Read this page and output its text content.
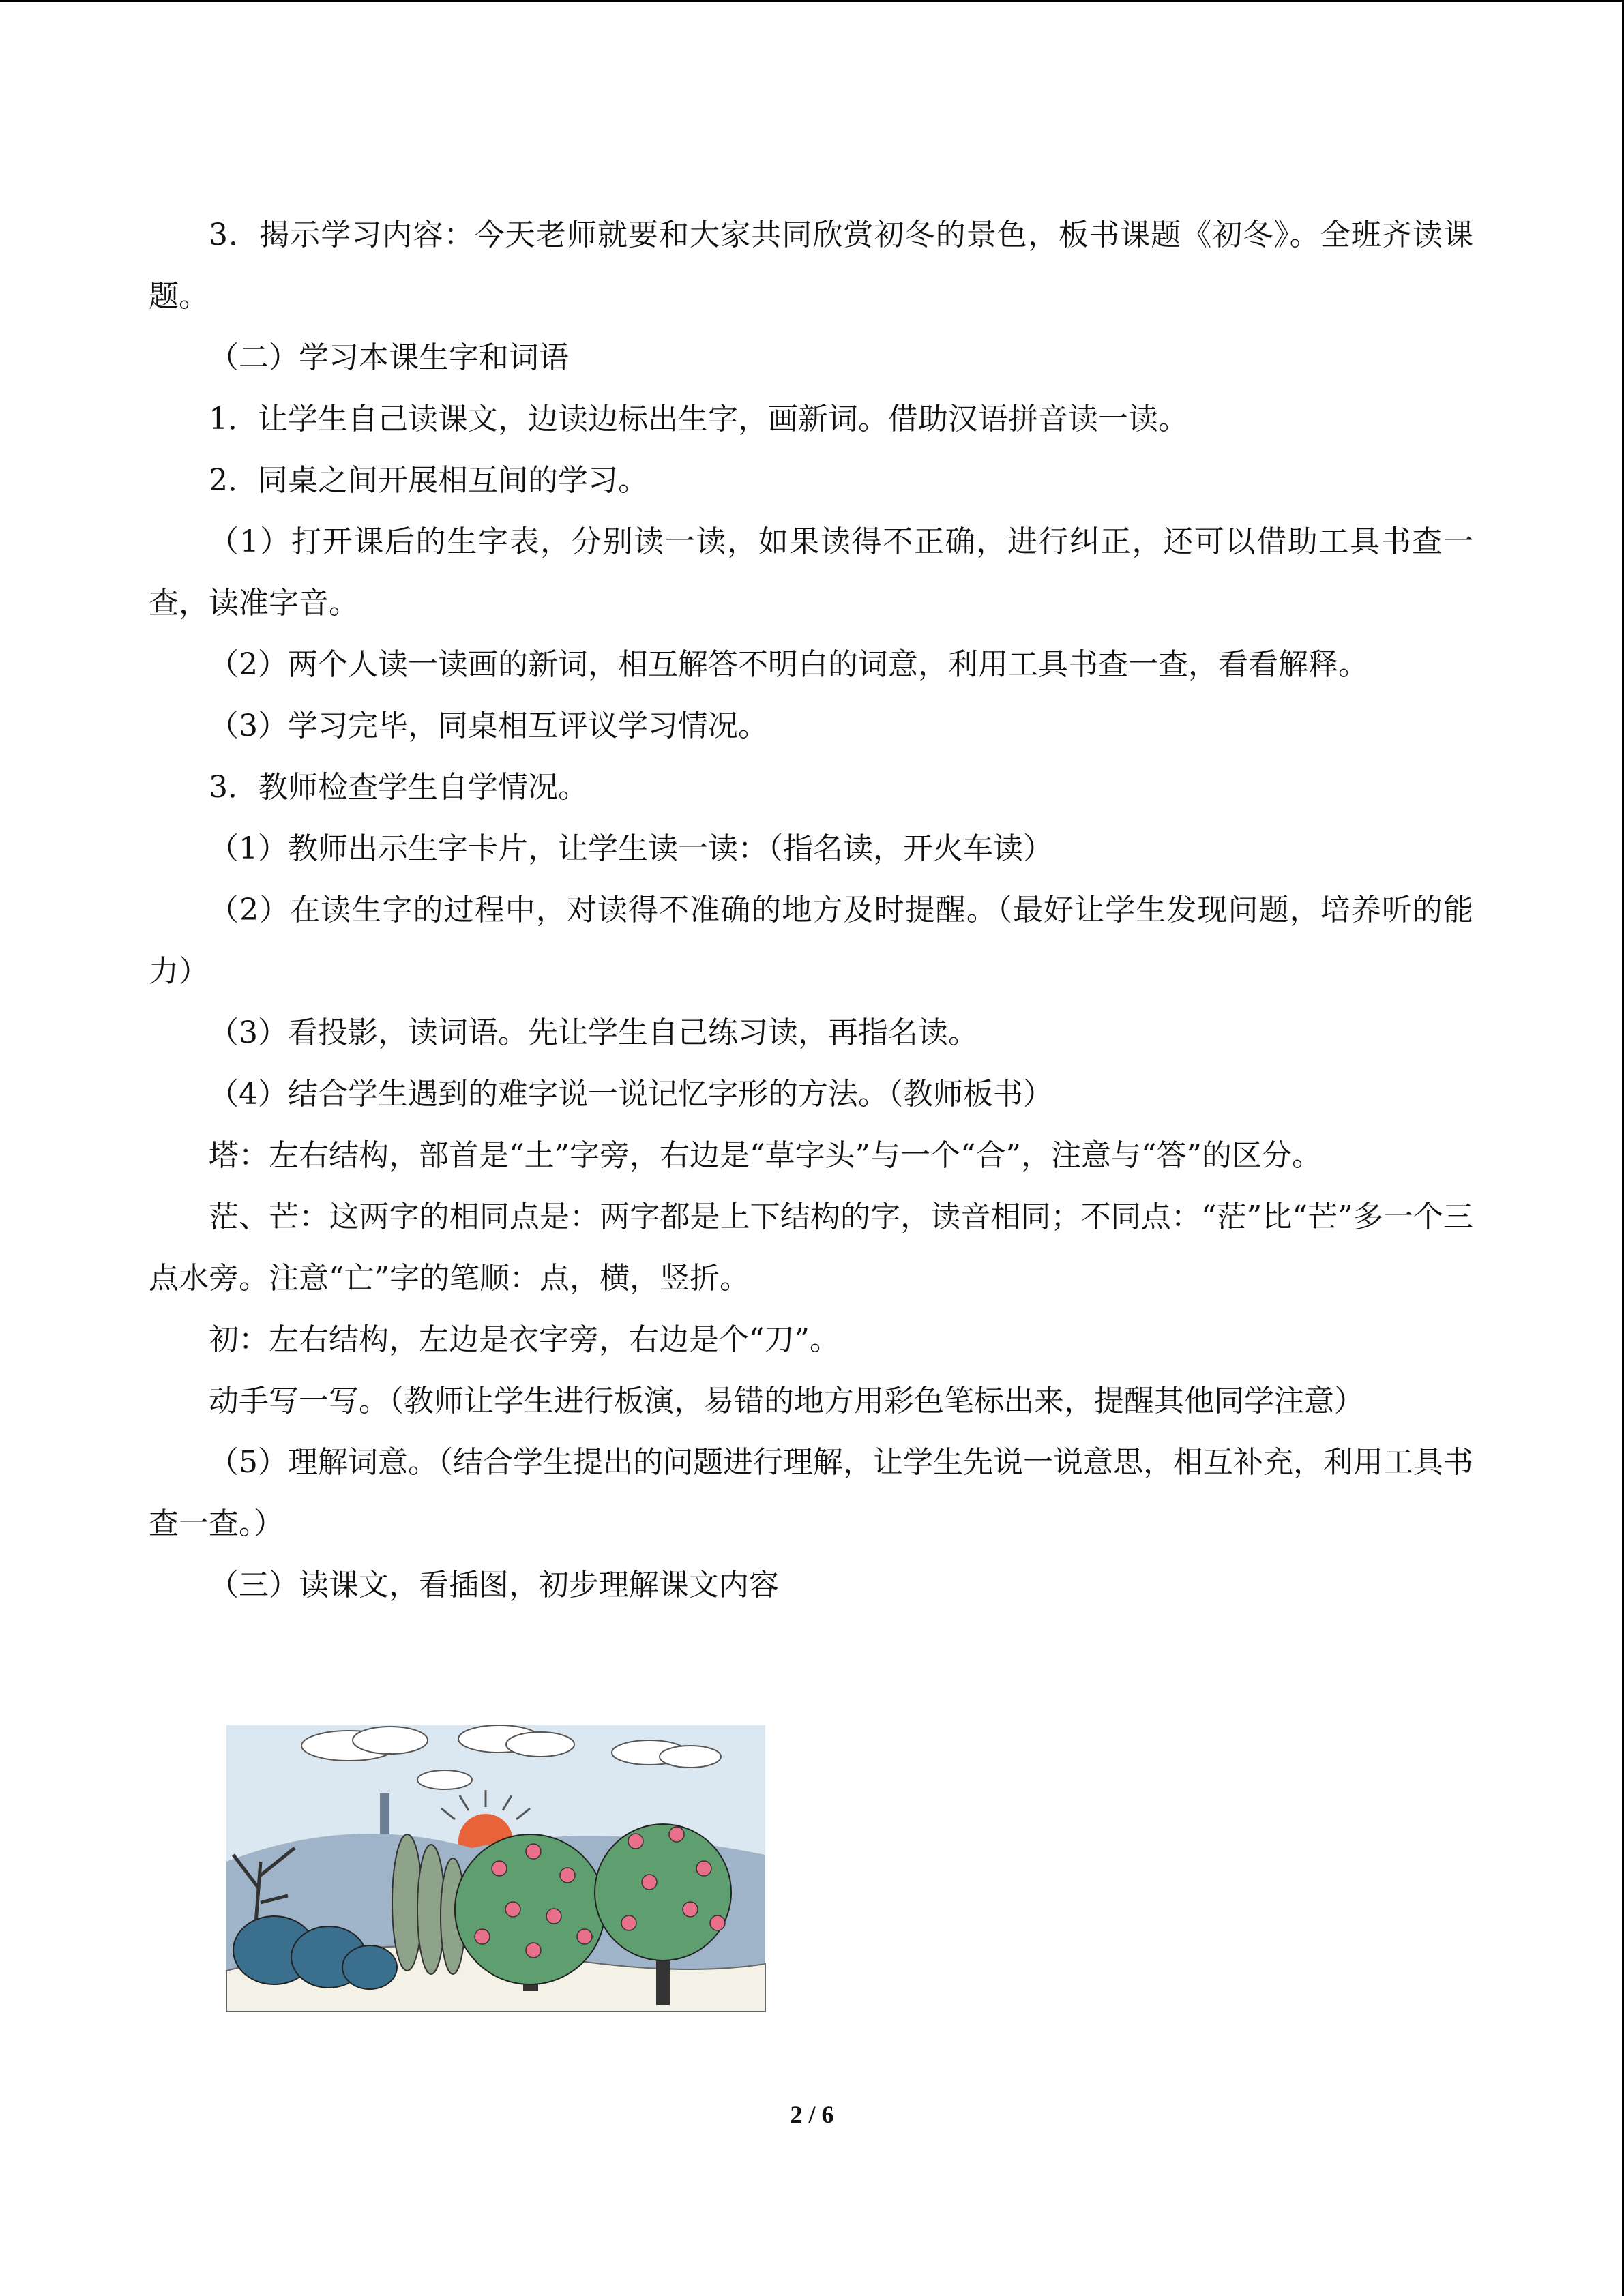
3．揭示学习内容：今天老师就要和大家共同欣赏初冬的景色，板书课题《初冬》。全班齐读课题。

（二）学习本课生字和词语

1．让学生自己读课文，边读边标出生字，画新词。借助汉语拼音读一读。

2．同桌之间开展相互间的学习。

（1）打开课后的生字表，分别读一读，如果读得不正确，进行纠正，还可以借助工具书查一查，读准字音。

（2）两个人读一读画的新词，相互解答不明白的词意，利用工具书查一查，看看解释。

（3）学习完毕，同桌相互评议学习情况。

3．教师检查学生自学情况。

（1）教师出示生字卡片，让学生读一读：（指名读，开火车读）

（2）在读生字的过程中，对读得不准确的地方及时提醒。（最好让学生发现问题，培养听的能力）

（3）看投影，读词语。先让学生自己练习读，再指名读。

（4）结合学生遇到的难字说一说记忆字形的方法。（教师板书）

塔：左右结构，部首是“土”字旁，右边是“草字头”与一个“合”，注意与“答”的区分。

茫、芒：这两字的相同点是：两字都是上下结构的字，读音相同；不同点：“茫”比“芒”多一个三点水旁。注意“亡”字的笔顺：点，横，竖折。

初：左右结构，左边是衣字旁，右边是个“刀”。

动手写一写。（教师让学生进行板演，易错的地方用彩色笔标出来，提醒其他同学注意）

（5）理解词意。（结合学生提出的问题进行理解，让学生先说一说意思，相互补充，利用工具书查一查。）

（三）读课文，看插图，初步理解课文内容

2 / 6
